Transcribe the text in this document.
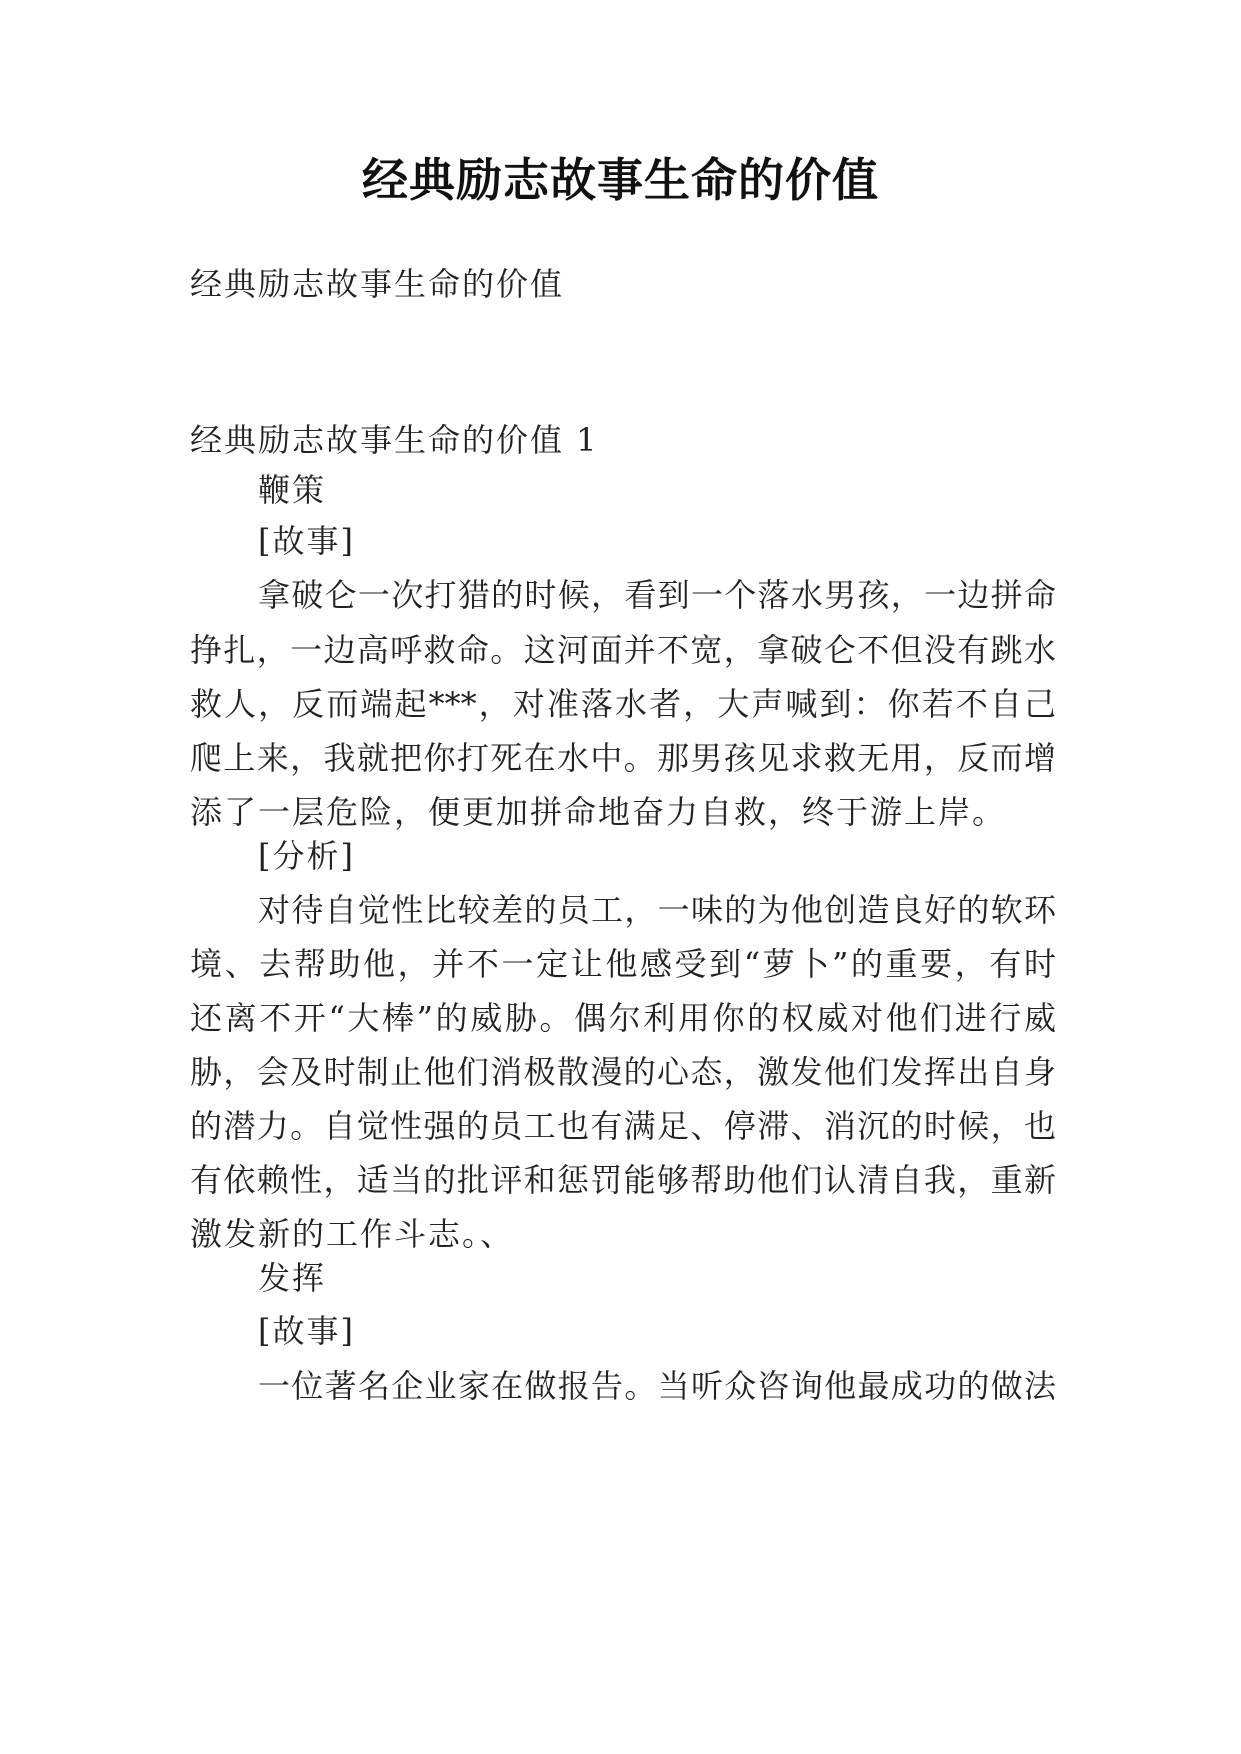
经典励志故事生命的价值
经典励志故事生命的价值
经典励志故事生命的价值 1
鞭策
[故事]
拿破仑一次打猎的时候，看到一个落水男孩，一边拼命
挣扎，一边高呼救命。这河面并不宽，拿破仑不但没有跳水
救人，反而端起***，对准落水者，大声喊到：你若不自己
爬上来，我就把你打死在水中。那男孩见求救无用，反而增
添了一层危险，便更加拼命地奋力自救，终于游上岸。
[分析]
对待自觉性比较差的员工，一味的为他创造良好的软环
境、去帮助他，并不一定让他感受到“萝卜”的重要，有时
还离不开“大棒”的威胁。偶尔利用你的权威对他们进行威
胁，会及时制止他们消极散漫的心态，激发他们发挥出自身
的潜力。自觉性强的员工也有满足、停滞、消沉的时候，也
有依赖性，适当的批评和惩罚能够帮助他们认清自我，重新
激发新的工作斗志。、
发挥
[故事]
一位著名企业家在做报告。当听众咨询他最成功的做法
